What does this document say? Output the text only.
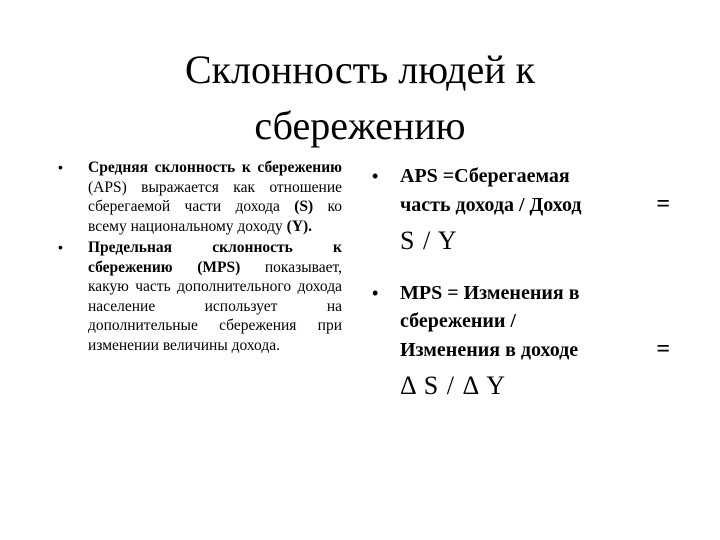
Склонность людей к
сбережению
•	Средняя склонность к сбережению (APS) выражается как отношение сберегаемой части дохода (S) ко всему национальному доходу (Y).
•	Предельная склонность к сбережению (MPS) показывает, какую часть дополнительного дохода население использует на дополнительные сбережения при изменении величины дохода.
•	APS =Сберегаемая
часть дохода / Доход	=
S / Y
•	MPS = Изменения в
сбережении /
Изменения в доходе	=
Δ S / Δ Y
